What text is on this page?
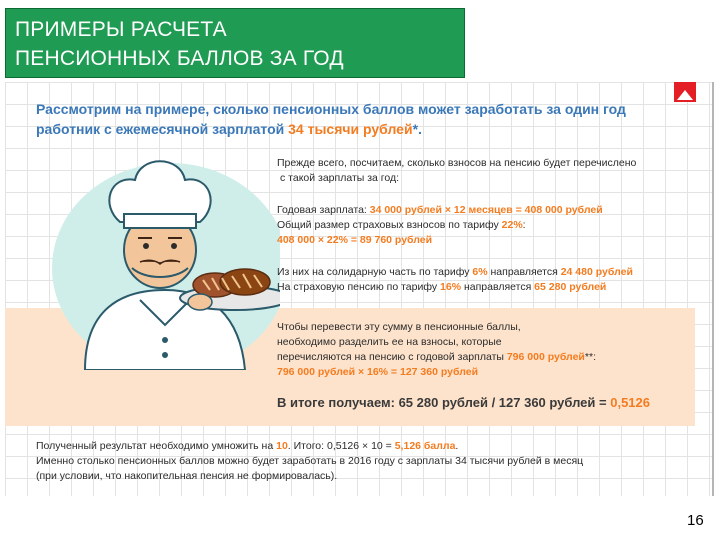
ПРИМЕРЫ РАСЧЕТА
ПЕНСИОННЫХ БАЛЛОВ ЗА ГОД
Рассмотрим на примере, сколько пенсионных баллов может заработать за один год
работник с ежемесячной зарплатой 34 тысячи рублей*.
Прежде всего, посчитаем, сколько взносов на пенсию будет перечислено
с такой зарплаты за год:
Годовая зарплата: 34 000 рублей × 12 месяцев = 408 000 рублей
Общий размер страховых взносов по тарифу 22%:
408 000 × 22% = 89 760 рублей
Из них на солидарную часть по тарифу 6% направляется 24 480 рублей
На страховую пенсию по тарифу 16% направляется 65 280 рублей
Чтобы перевести эту сумму в пенсионные баллы,
необходимо разделить ее на взносы, которые
перечисляются на пенсию с годовой зарплаты 796 000 рублей**:
796 000 рублей × 16% = 127 360 рублей
В итоге получаем: 65 280 рублей / 127 360 рублей = 0,5126
Полученный результат необходимо умножить на 10. Итого: 0,5126 × 10 = 5,126 балла.
Именно столько пенсионных баллов можно будет заработать в 2016 году с зарплаты 34 тысячи рублей в месяц
(при условии, что накопительная пенсия не формировалась).
16
